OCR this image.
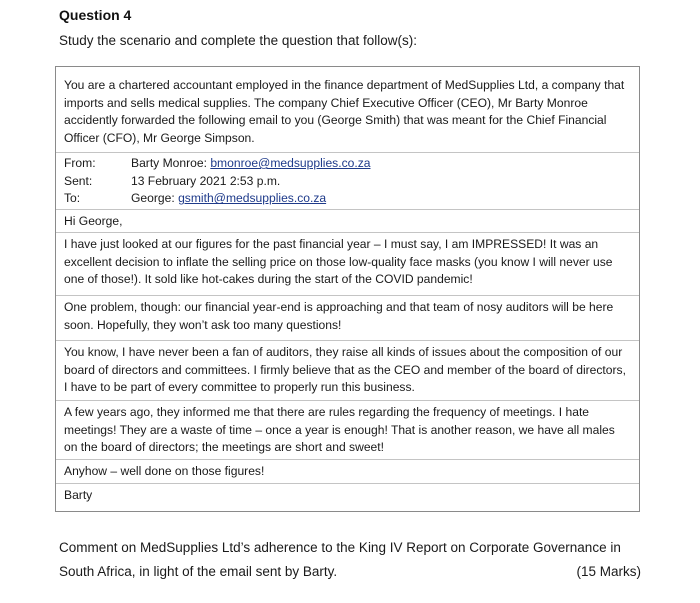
Question 4
Study the scenario and complete the question that follow(s):
You are a chartered accountant employed in the finance department of MedSupplies Ltd, a company that imports and sells medical supplies. The company Chief Executive Officer (CEO), Mr Barty Monroe accidently forwarded the following email to you (George Smith) that was meant for the Chief Financial Officer (CFO), Mr George Simpson.
From:	Barty Monroe: bmonroe@medsupplies.co.za
Sent:	13 February 2021 2:53 p.m.
To:	George: gsmith@medsupplies.co.za
Hi George,
I have just looked at our figures for the past financial year – I must say, I am IMPRESSED! It was an excellent decision to inflate the selling price on those low-quality face masks (you know I will never use one of those!). It sold like hot-cakes during the start of the COVID pandemic!
One problem, though: our financial year-end is approaching and that team of nosy auditors will be here soon. Hopefully, they won’t ask too many questions!
You know, I have never been a fan of auditors, they raise all kinds of issues about the composition of our board of directors and committees. I firmly believe that as the CEO and member of the board of directors, I have to be part of every committee to properly run this business.
A few years ago, they informed me that there are rules regarding the frequency of meetings. I hate meetings! They are a waste of time – once a year is enough! That is another reason, we have all males on the board of directors; the meetings are short and sweet!
Anyhow – well done on those figures!
Barty
Comment on MedSupplies Ltd’s adherence to the King IV Report on Corporate Governance in
South Africa, in light of the email sent by Barty.	(15 Marks)
